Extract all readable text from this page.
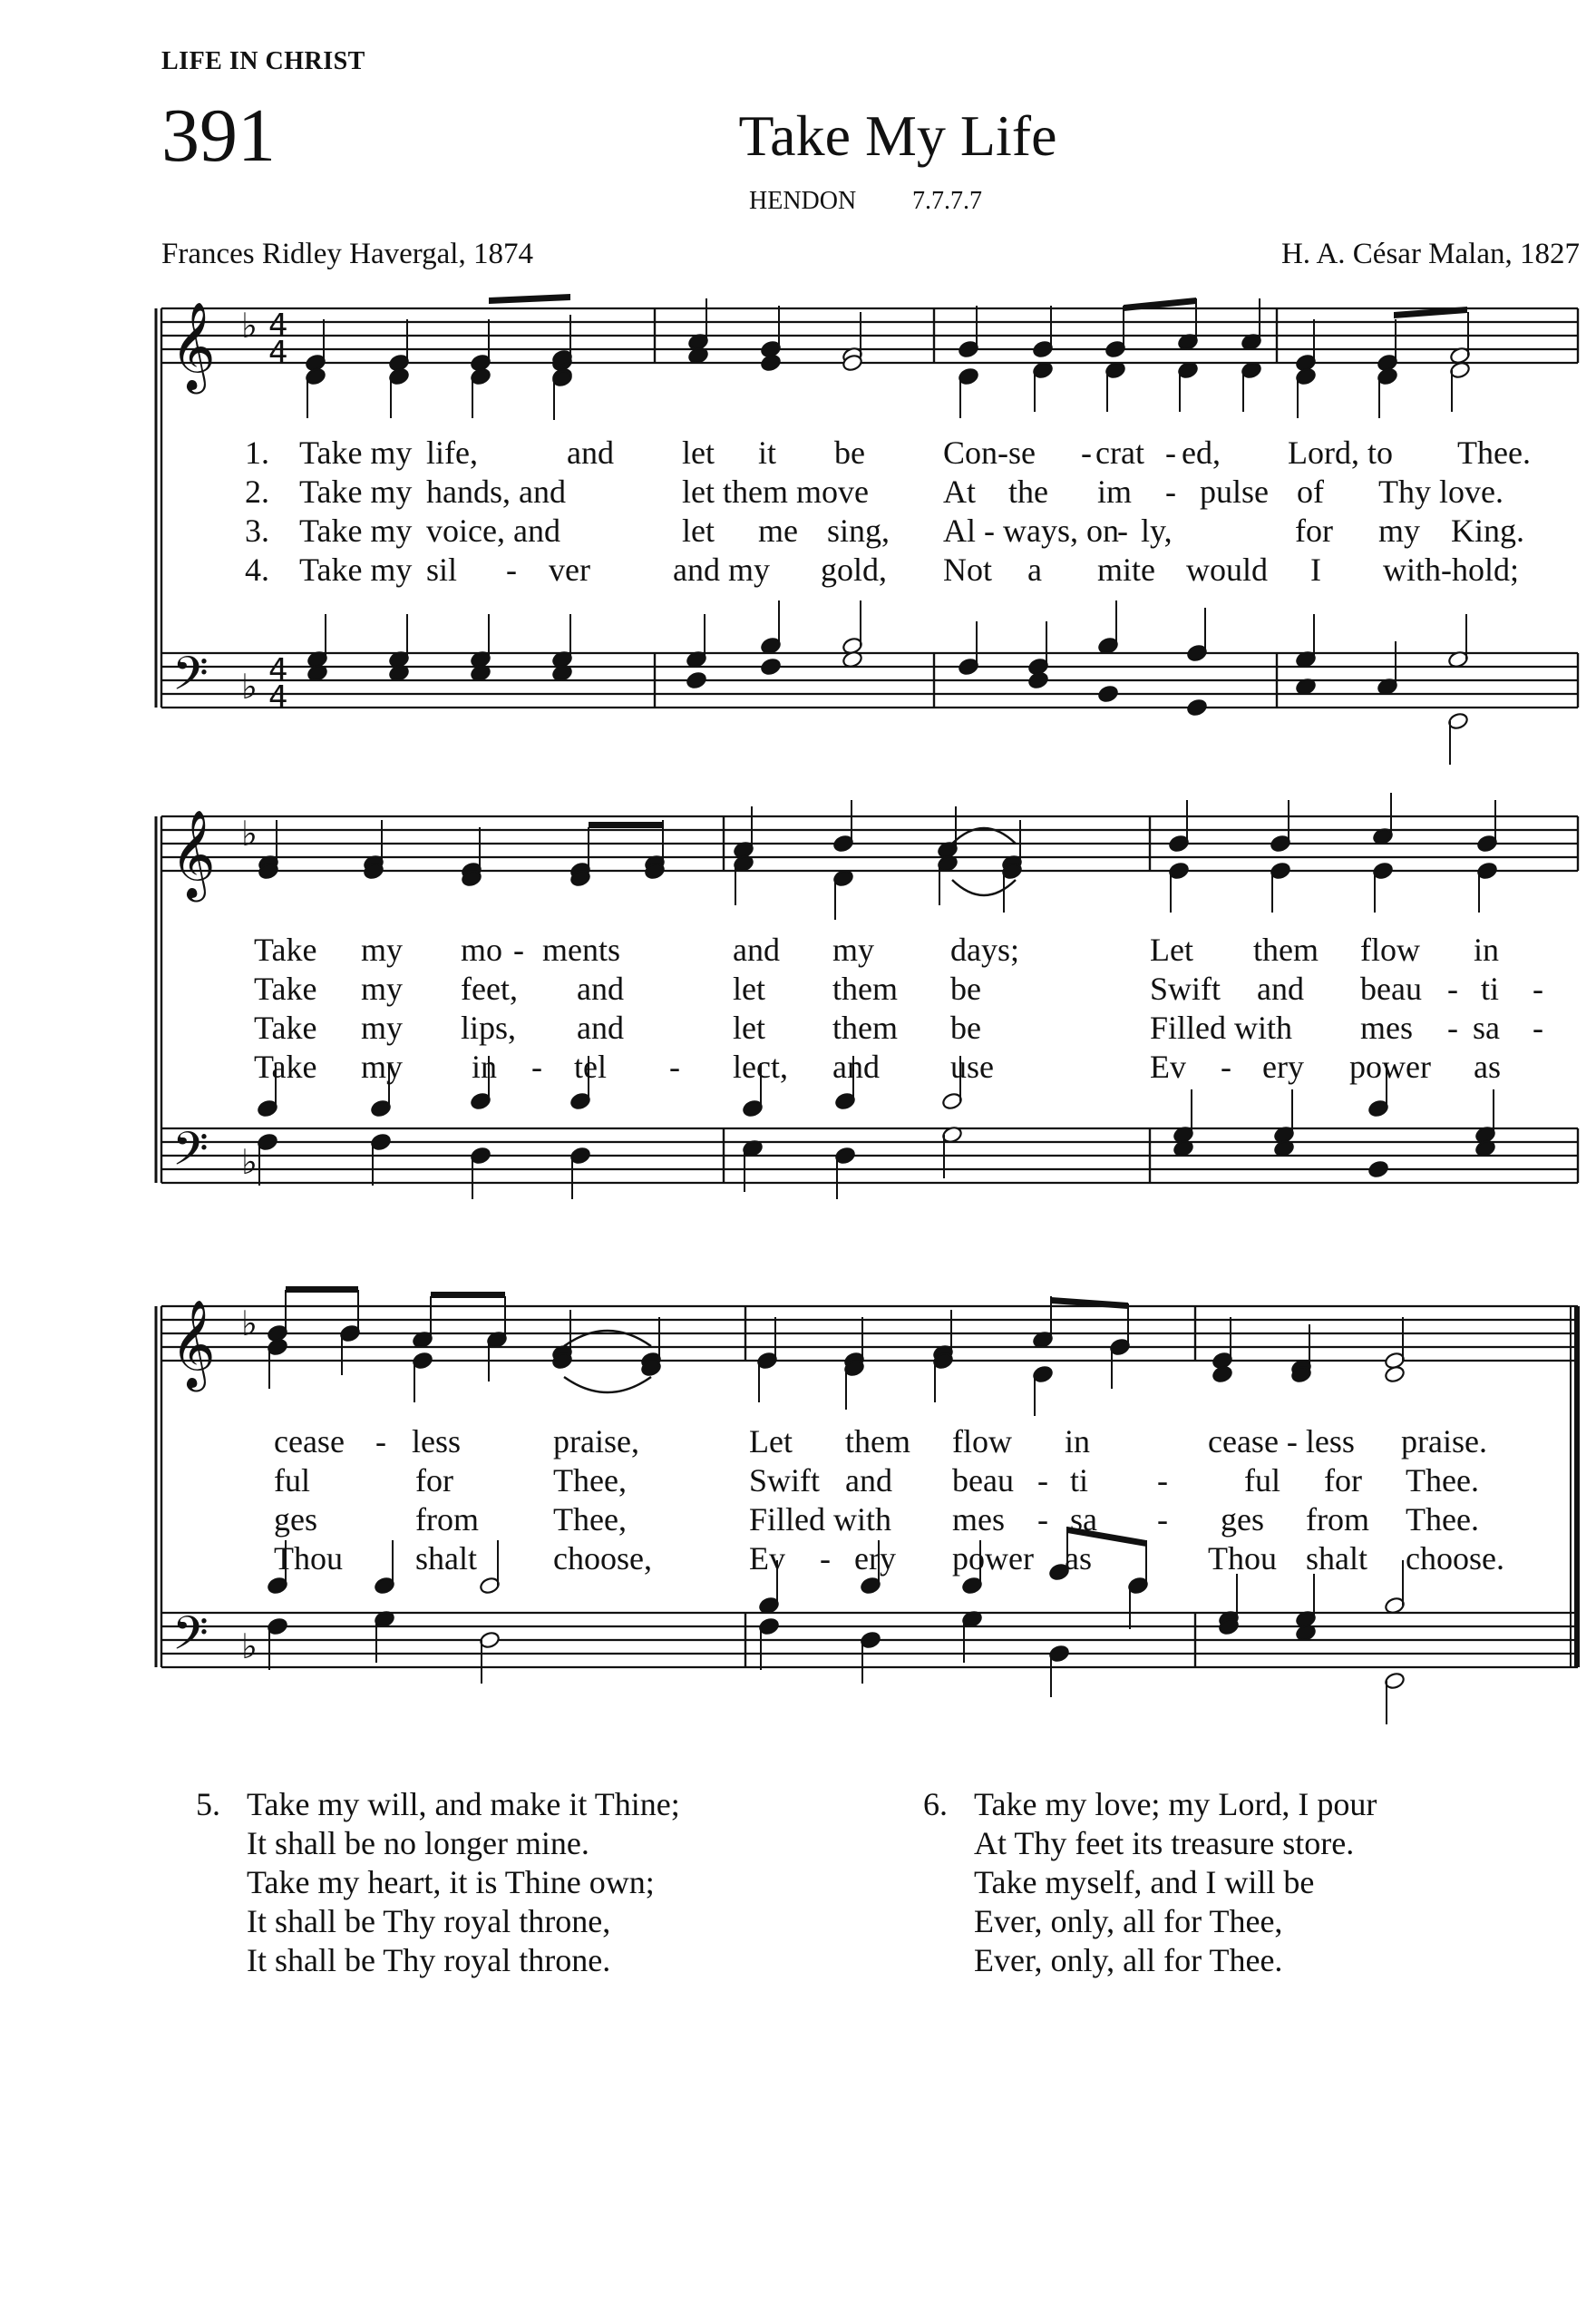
LIFE IN CHRIST
391	Take My Life
HENDON 7.7.7.7
Frances Ridley Havergal, 1874	H. A. César Malan, 1827
𝄞
𝄢
♭
♭
4
4
4
4
𝄞
𝄢
♭
♭
𝄞
𝄢
♭
♭
1. Take my life,	and let it be Con-se - crat - ed, Lord, to Thee.
2. Take my hands, and	let them move At the im - pulse of Thy love.
3. Take my voice, and	let me sing, Al - ways, on
- ly,	for my King.
4. Take my sil - ver	and my gold, Not a mite would I with-hold;
Take my mo - ments	and my days;	Let them flow in
Take my feet, and	let them be	Swift and beau - ti -
Take my lips, and	let them be	Filled with mes - sa -
Take my in - tel - lect, and use	Ev - ery power as
cease - less	praise,	Let them flow in	cease - less praise.
ful	for	Thee,	Swift and beau - ti - ful for Thee.
ges	from Thee,	Filled with mes - sa - ges from Thee.
Thou shalt choose,	Ev - ery power as	Thou shalt choose.
5. Take my will, and make it Thine;
It shall be no longer mine.
Take my heart, it is Thine own;
It shall be Thy royal throne,
It shall be Thy royal throne.
6. Take my love; my Lord, I pour
At Thy feet its treasure store.
Take myself, and I will be
Ever, only, all for Thee,
Ever, only, all for Thee.
